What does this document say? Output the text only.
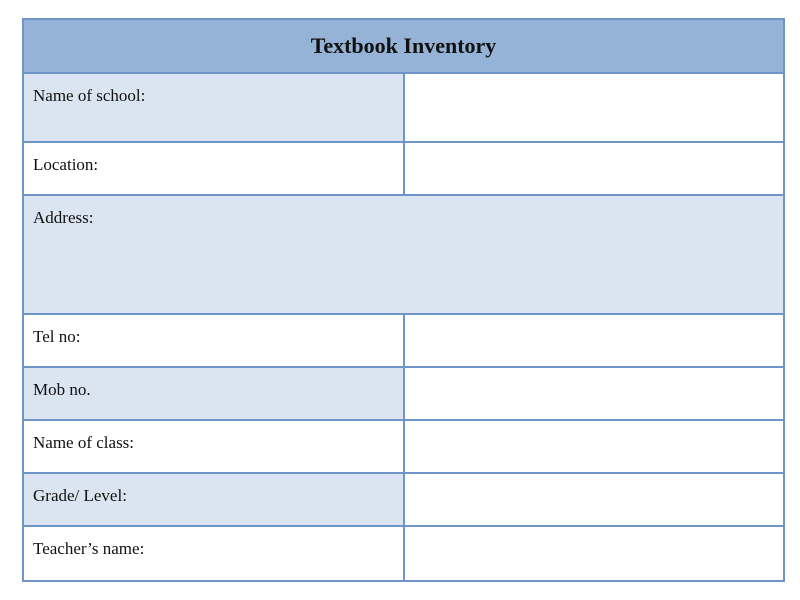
Textbook Inventory	
Name of school:	

Location:	

Address:	
Tel no:	

Mob no.	

Name of class:	

Grade/ Level:	

Teacher’s name:	
